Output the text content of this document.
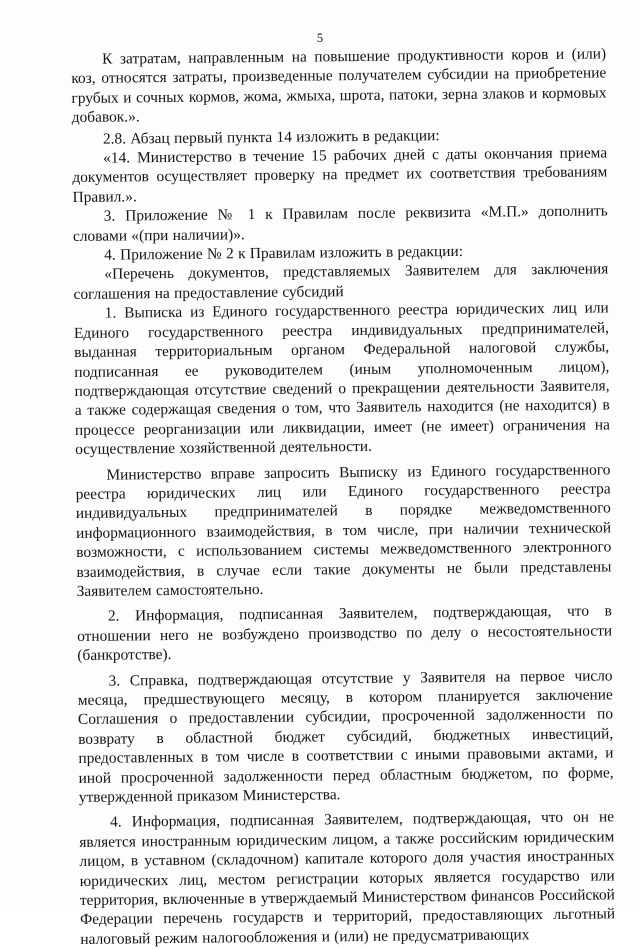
5

К затратам, направленным на повышение продуктивности коров и (или) коз, относятся затраты, произведенные получателем субсидии на приобретение грубых и сочных кормов, жома, жмыха, шрота, патоки, зерна злаков и кормовых добавок.».

2.8. Абзац первый пункта 14 изложить в редакции:

«14. Министерство в течение 15 рабочих дней с даты окончания приема документов осуществляет проверку на предмет их соответствия требованиям Правил.».

3. Приложение № 1 к Правилам после реквизита «М.П.» дополнить словами «(при наличии)».

4. Приложение № 2 к Правилам изложить в редакции:

«Перечень документов, представляемых Заявителем для заключения соглашения на предоставление субсидий

1. Выписка из Единого государственного реестра юридических лиц или Единого государственного реестра индивидуальных предпринимателей, выданная территориальным органом Федеральной налоговой службы, подписанная ее руководителем (иным уполномоченным лицом), подтверждающая отсутствие сведений о прекращении деятельности Заявителя, а также содержащая сведения о том, что Заявитель находится (не находится) в процессе реорганизации или ликвидации, имеет (не имеет) ограничения на осуществление хозяйственной деятельности.

Министерство вправе запросить Выписку из Единого государственного реестра юридических лиц или Единого государственного реестра индивидуальных предпринимателей в порядке межведомственного информационного взаимодействия, в том числе, при наличии технической возможности, с использованием системы межведомственного электронного взаимодействия, в случае если такие документы не были представлены Заявителем самостоятельно.

2. Информация, подписанная Заявителем, подтверждающая, что в отношении него не возбуждено производство по делу о несостоятельности (банкротстве).

3. Справка, подтверждающая отсутствие у Заявителя на первое число месяца, предшествующего месяцу, в котором планируется заключение Соглашения о предоставлении субсидии, просроченной задолженности по возврату в областной бюджет субсидий, бюджетных инвестиций, предоставленных в том числе в соответствии с иными правовыми актами, и иной просроченной задолженности перед областным бюджетом, по форме, утвержденной приказом Министерства.

4. Информация, подписанная Заявителем, подтверждающая, что он не является иностранным юридическим лицом, а также российским юридическим лицом, в уставном (складочном) капитале которого доля участия иностранных юридических лиц, местом регистрации которых является государство или территория, включенные в утверждаемый Министерством финансов Российской Федерации перечень государств и территорий, предоставляющих льготный налоговый режим налогообложения и (или) не предусматривающих
